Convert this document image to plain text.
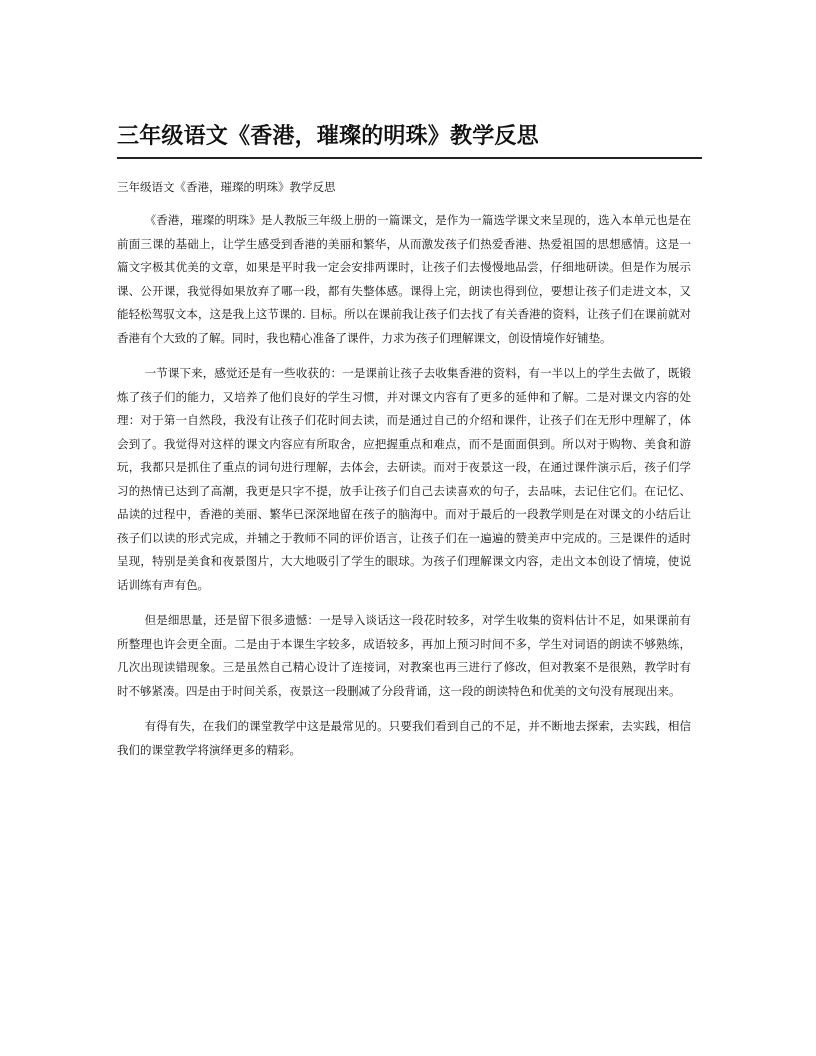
三年级语文《香港，璀璨的明珠》教学反思

三年级语文《香港，璀璨的明珠》教学反思

《香港，璀璨的明珠》是人教版三年级上册的一篇课文，是作为一篇选学课文来呈现的，选入本单元也是在前面三课的基础上，让学生感受到香港的美丽和繁华，从而激发孩子们热爱香港、热爱祖国的思想感情。这是一篇文字极其优美的文章，如果是平时我一定会安排两课时，让孩子们去慢慢地品尝，仔细地研读。但是作为展示课、公开课，我觉得如果放弃了哪一段，都有失整体感。课得上完，朗读也得到位，要想让孩子们走进文本，又能轻松驾驭文本，这是我上这节课的. 目标。所以在课前我让孩子们去找了有关香港的资料，让孩子们在课前就对香港有个大致的了解。同时，我也精心准备了课件，力求为孩子们理解课文，创设情境作好铺垫。

一节课下来，感觉还是有一些收获的：一是课前让孩子去收集香港的资料，有一半以上的学生去做了，既锻炼了孩子们的能力，又培养了他们良好的学生习惯，并对课文内容有了更多的延伸和了解。二是对课文内容的处理：对于第一自然段，我没有让孩子们花时间去读，而是通过自己的介绍和课件，让孩子们在无形中理解了，体会到了。我觉得对这样的课文内容应有所取舍，应把握重点和难点，而不是面面俱到。所以对于购物、美食和游玩，我都只是抓住了重点的词句进行理解，去体会，去研读。而对于夜景这一段，在通过课件演示后，孩子们学习的热情已达到了高潮，我更是只字不提，放手让孩子们自己去读喜欢的句子，去品味，去记住它们。在记忆、品读的过程中，香港的美丽、繁华已深深地留在孩子的脑海中。而对于最后的一段教学则是在对课文的小结后让孩子们以读的形式完成，并辅之于教师不同的评价语言，让孩子们在一遍遍的赞美声中完成的。三是课件的适时呈现，特别是美食和夜景图片，大大地吸引了学生的眼球。为孩子们理解课文内容，走出文本创设了情境，使说话训练有声有色。

但是细思量，还是留下很多遗憾：一是导入谈话这一段花时较多，对学生收集的资料估计不足，如果课前有所整理也许会更全面。二是由于本课生字较多，成语较多，再加上预习时间不多，学生对词语的朗读不够熟练，几次出现读错现象。三是虽然自己精心设计了连接词，对教案也再三进行了修改，但对教案不是很熟，教学时有时不够紧凑。四是由于时间关系，夜景这一段删减了分段背诵，这一段的朗读特色和优美的文句没有展现出来。

有得有失，在我们的课堂教学中这是最常见的。只要我们看到自己的不足，并不断地去探索，去实践，相信我们的课堂教学将演绎更多的精彩。
